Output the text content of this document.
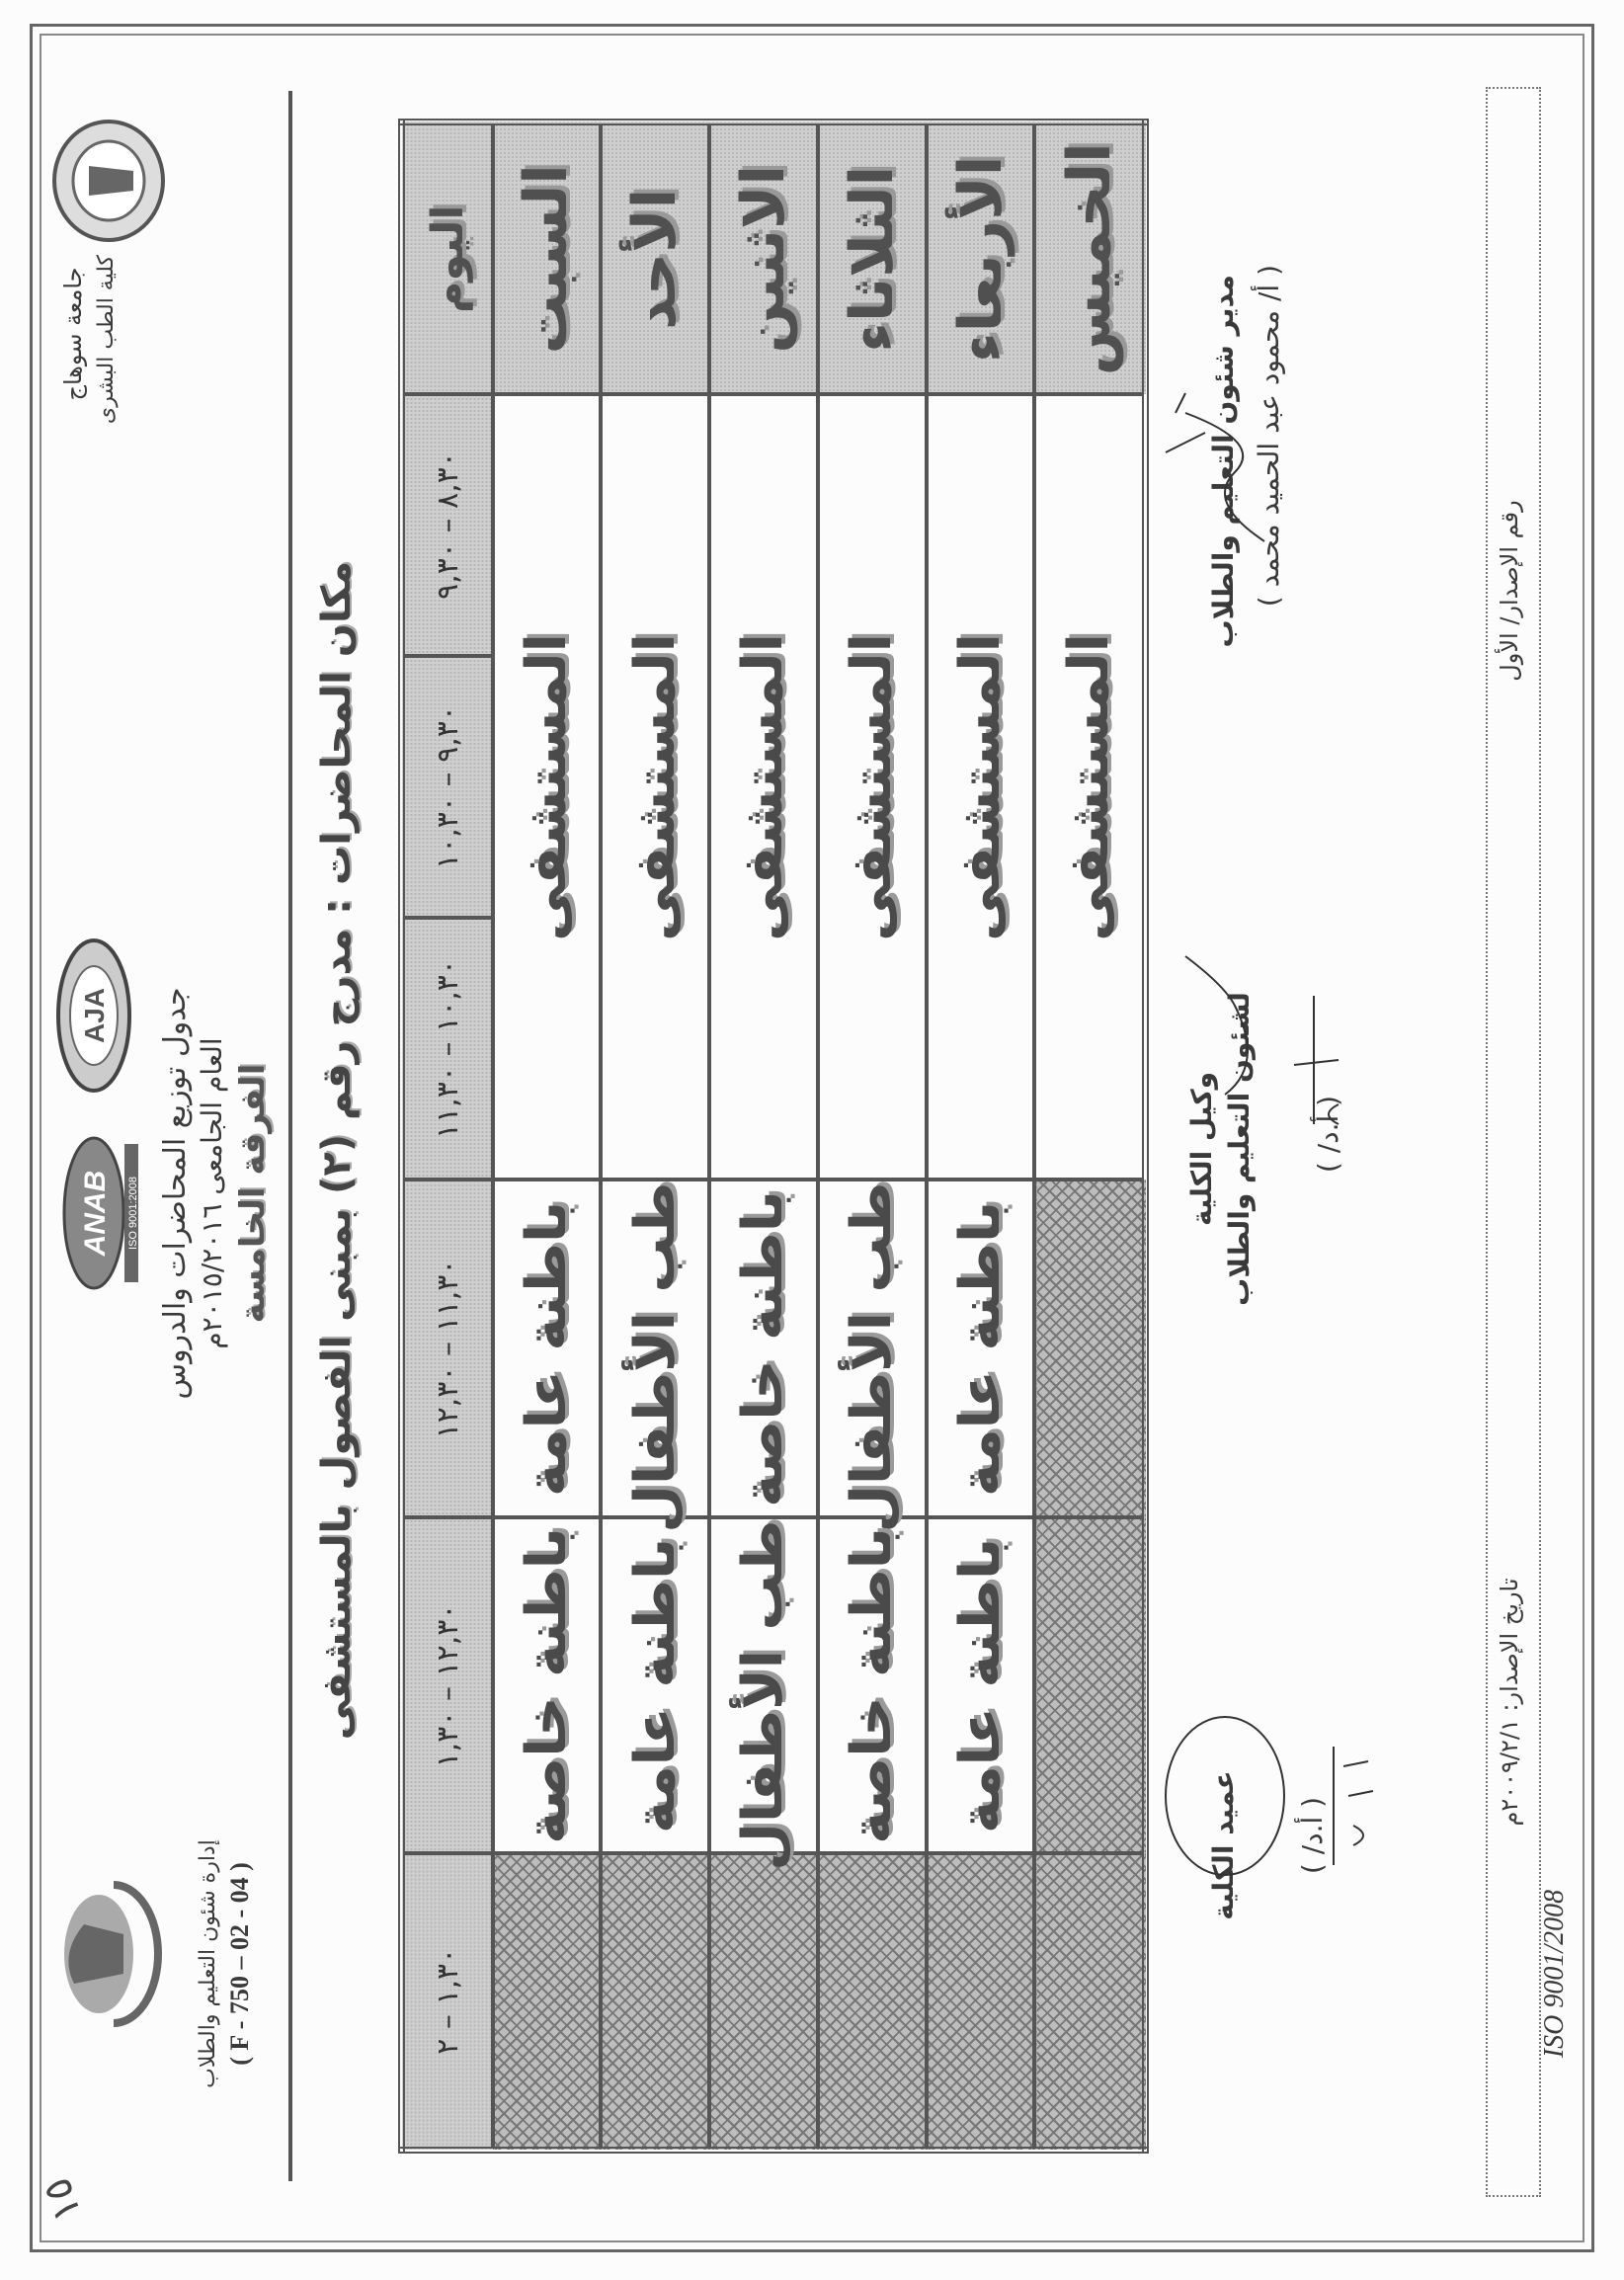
١٥
جامعة سوهاج كلية الطب البشرى
ANAB ISO 9001:2008
AJA جدول توزيع المحاضرات والدروس العام الجامعى ٢٠١٥/٢٠١٦م الفرقة الخامسة
إدارة شئون التعليم والطلاب ( F - 750 – 02 - 04 )
مكان المحاضرات : مدرج رقم (٢) بمبنى الفصول بالمستشفى
اليوم	٨,٣٠ – ٩,٣٠	٩,٣٠ – ١٠,٣٠	١٠,٣٠ – ١١,٣٠	١١,٣٠ – ١٢,٣٠	١٢,٣٠ – ١,٣٠	١,٣٠ – ٢
السبت	المستشفى			باطنة عامة	باطنة خاصة	
الأحد	المستشفى			طب الأطفال	باطنة عامة	
الاثنين	المستشفى			باطنة خاصة	طب الأطفال	
الثلاثاء	المستشفى			طب الأطفال	باطنة خاصة	
الأربعاء	المستشفى			باطنة عامة	باطنة عامة	
الخميس	المستشفى					
مدير شئون التعليم والطلاب ( أ/ محمود عبد الحميد محمد )
وكيل الكلية لشئون التعليم والطلاب ( أ.د/ )
عميد الكلية ( أ.د/ )
رقم الإصدار/ الأول
تاريخ الإصدار: ٢٠٠٩/٢/١م
ISO 9001/2008
